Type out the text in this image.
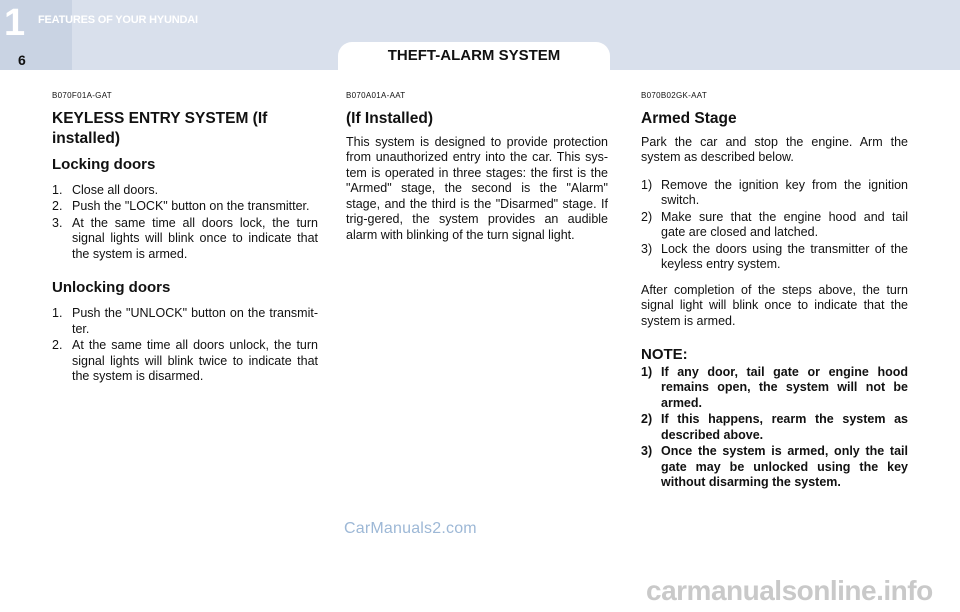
1 FEATURES OF YOUR HYUNDAI
6	THEFT-ALARM SYSTEM
B070F01A-GAT
KEYLESS ENTRY SYSTEM (If installed)
Locking doors
1. Close all doors.
2. Push the "LOCK" button on the transmitter.
3. At the same time all doors lock, the turn signal lights will blink once to indicate that the system is armed.
Unlocking doors
1. Push the "UNLOCK" button on the transmit-ter.
2. At the same time all doors unlock, the turn signal lights will blink twice to indicate that the system is disarmed.
B070A01A-AAT
(If Installed)

This system is designed to provide protection from unauthorized entry into the car. This sys-tem is operated in three stages: the first is the "Armed" stage, the second is the "Alarm" stage, and the third is the "Disarmed" stage. If trig-gered, the system provides an audible alarm with blinking of the turn signal light.

B070B02GK-AAT
Armed Stage

Park the car and stop the engine. Arm the system as described below.

1) Remove the ignition key from the ignition switch.
2) Make sure that the engine hood and tail gate are closed and latched.
3) Lock the doors using the transmitter of the keyless entry system.

After completion of the steps above, the turn signal light will blink once to indicate that the system is armed.

NOTE:
1) If any door, tail gate or engine hood remains open, the system will not be armed.
2) If this happens, rearm the system as described above.
3) Once the system is armed, only the tail gate may be unlocked using the key without disarming the system.
CarManuals2.com
carmanualsonline.info
